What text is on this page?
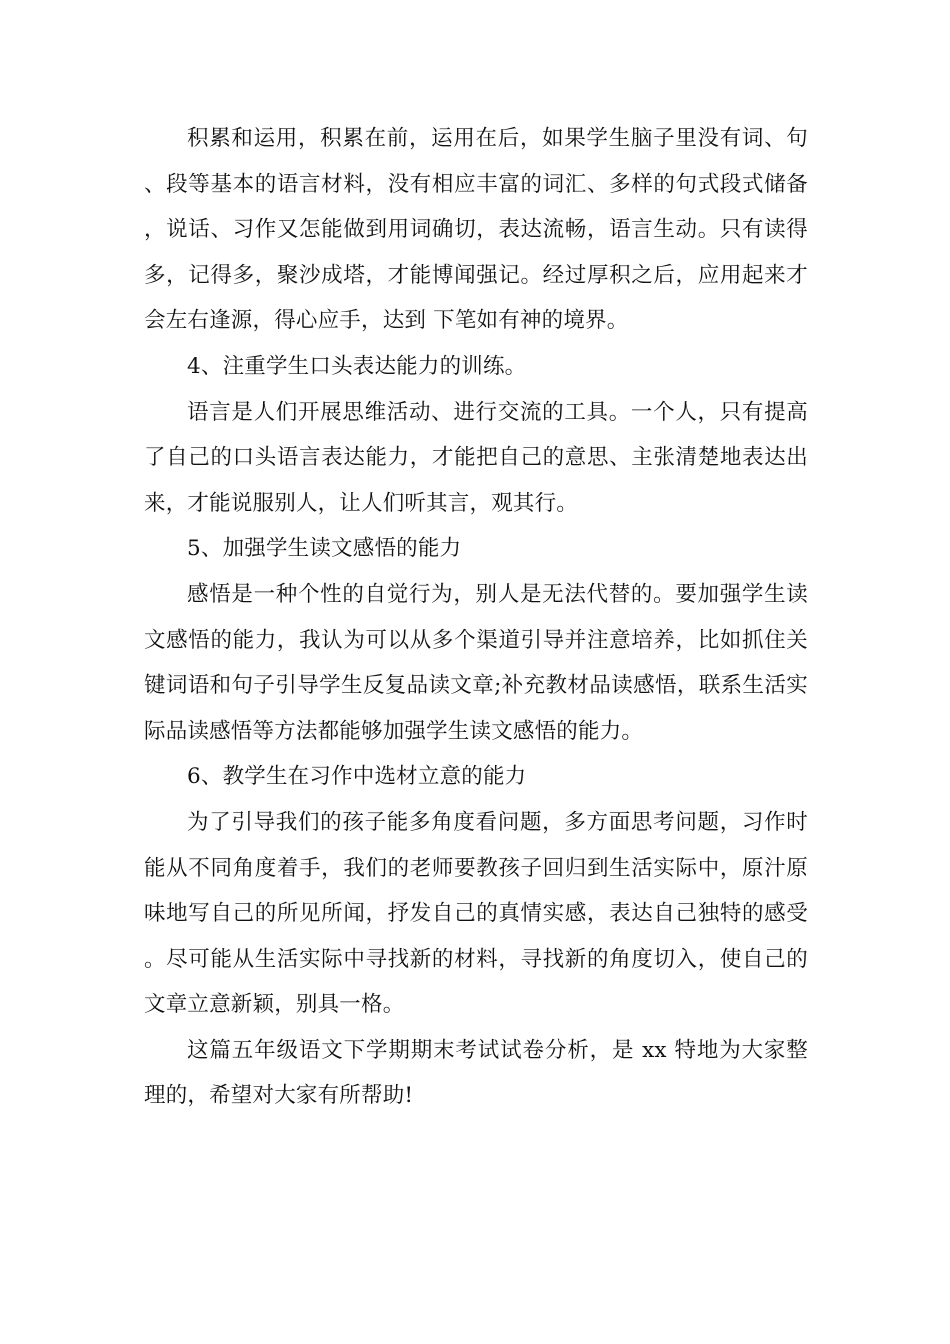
积累和运用，积累在前，运用在后，如果学生脑子里没有词、句、段等基本的语言材料，没有相应丰富的词汇、多样的句式段式储备，说话、习作又怎能做到用词确切，表达流畅，语言生动。只有读得多，记得多，聚沙成塔，才能博闻强记。经过厚积之后，应用起来才会左右逢源，得心应手，达到 下笔如有神的境界。

4、注重学生口头表达能力的训练。

语言是人们开展思维活动、进行交流的工具。一个人，只有提高了自己的口头语言表达能力，才能把自己的意思、主张清楚地表达出来，才能说服别人，让人们听其言，观其行。

5、加强学生读文感悟的能力

感悟是一种个性的自觉行为，别人是无法代替的。要加强学生读文感悟的能力，我认为可以从多个渠道引导并注意培养，比如抓住关键词语和句子引导学生反复品读文章;补充教材品读感悟，联系生活实际品读感悟等方法都能够加强学生读文感悟的能力。

6、教学生在习作中选材立意的能力

为了引导我们的孩子能多角度看问题，多方面思考问题，习作时能从不同角度着手，我们的老师要教孩子回归到生活实际中，原汁原味地写自己的所见所闻，抒发自己的真情实感，表达自己独特的感受。尽可能从生活实际中寻找新的材料，寻找新的角度切入，使自己的文章立意新颖，别具一格。

这篇五年级语文下学期期末考试试卷分析，是 xx 特地为大家整理的，希望对大家有所帮助!
